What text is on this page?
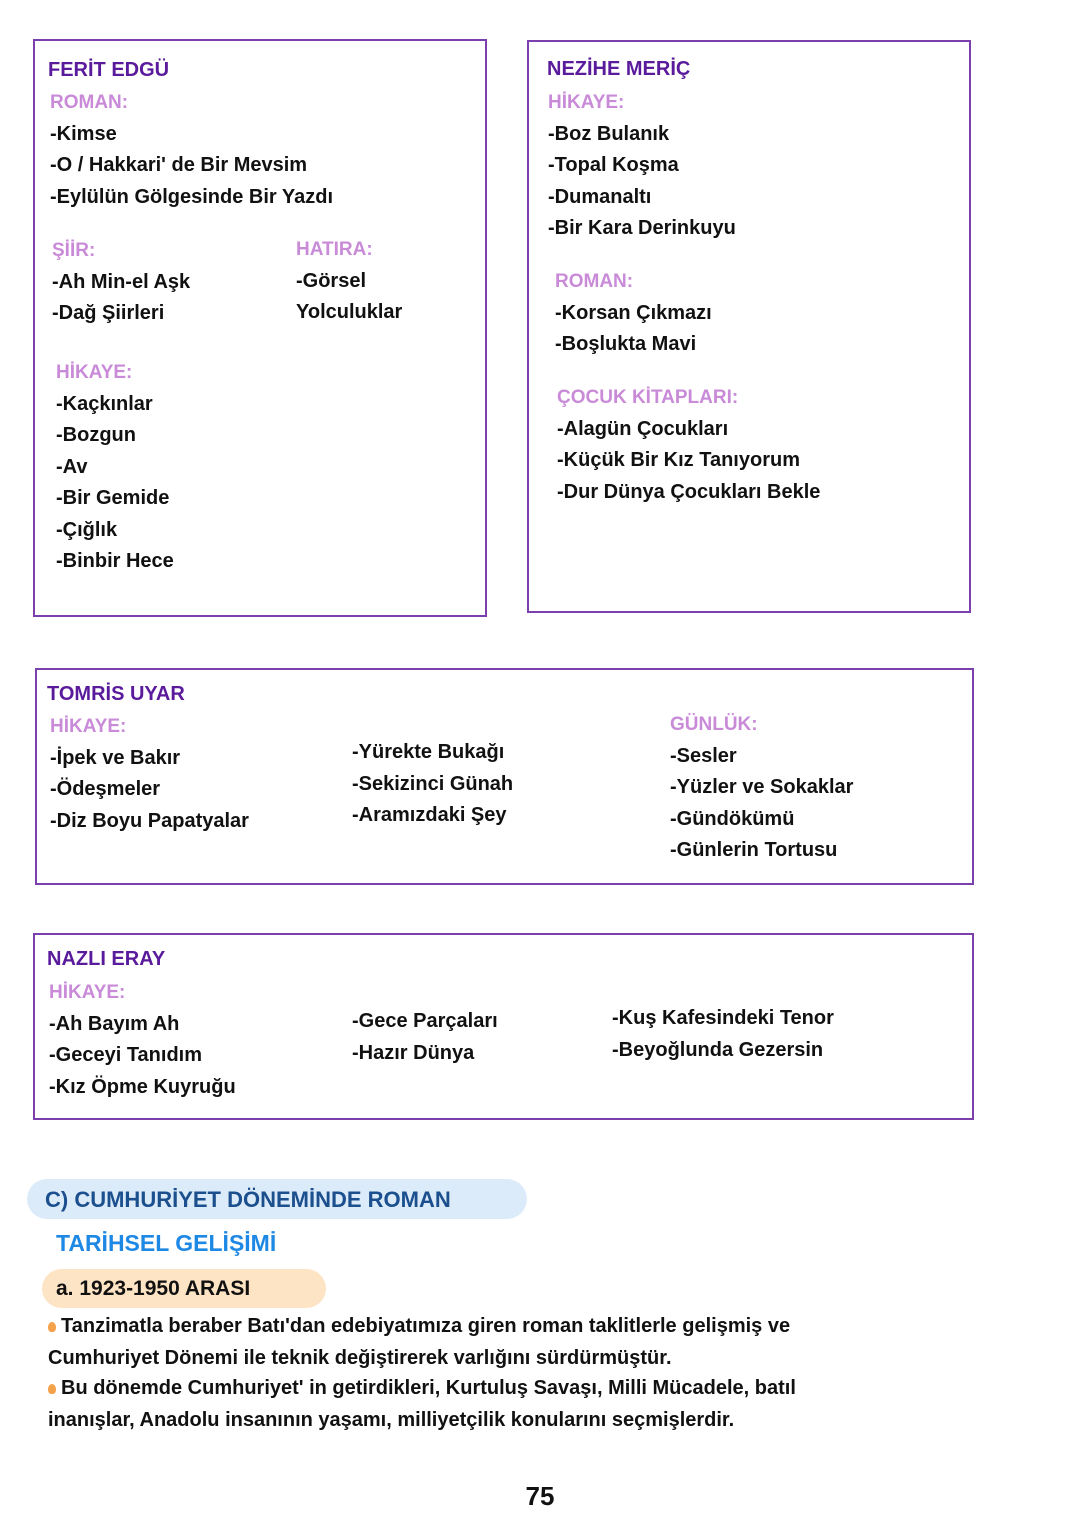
FERİT EDGÜ
ROMAN:
-Kimse
-O / Hakkari' de Bir Mevsim
-Eylülün Gölgesinde Bir Yazdı
ŞİİR:
-Ah Min-el Aşk
-Dağ Şiirleri
HATIRA:
-Görsel
Yolculuklar
HİKAYE:
-Kaçkınlar
-Bozgun
-Av
-Bir Gemide
-Çığlık
-Binbir Hece
NEZİHE MERİÇ
HİKAYE:
-Boz Bulanık
-Topal Koşma
-Dumanaltı
-Bir Kara Derinkuyu
ROMAN:
-Korsan Çıkmazı
-Boşlukta Mavi
ÇOCUK KİTAPLARI:
-Alagün Çocukları
-Küçük Bir Kız Tanıyorum
-Dur Dünya Çocukları Bekle
TOMRİS UYAR
HİKAYE:
-İpek ve Bakır
-Ödeşmeler
-Diz Boyu Papatyalar
-Yürekte Bukağı
-Sekizinci Günah
-Aramızdaki Şey
GÜNLÜK:
-Sesler
-Yüzler ve Sokaklar
-Gündökümü
-Günlerin Tortusu
NAZLI ERAY
HİKAYE:
-Ah Bayım Ah
-Geceyi Tanıdım
-Kız Öpme Kuyruğu
-Gece Parçaları
-Hazır Dünya
-Kuş Kafesindeki Tenor
-Beyoğlunda Gezersin
C) CUMHURİYET DÖNEMİNDE ROMAN
TARİHSEL GELİŞİMİ
a. 1923-1950 ARASI
Tanzimatla beraber Batı'dan edebiyatımıza giren roman taklitlerle gelişmiş ve
Cumhuriyet Dönemi ile teknik değiştirerek varlığını sürdürmüştür.
Bu dönemde Cumhuriyet' in getirdikleri, Kurtuluş Savaşı, Milli Mücadele, batıl
inanışlar, Anadolu insanının yaşamı, milliyetçilik konularını seçmişlerdir.
75
